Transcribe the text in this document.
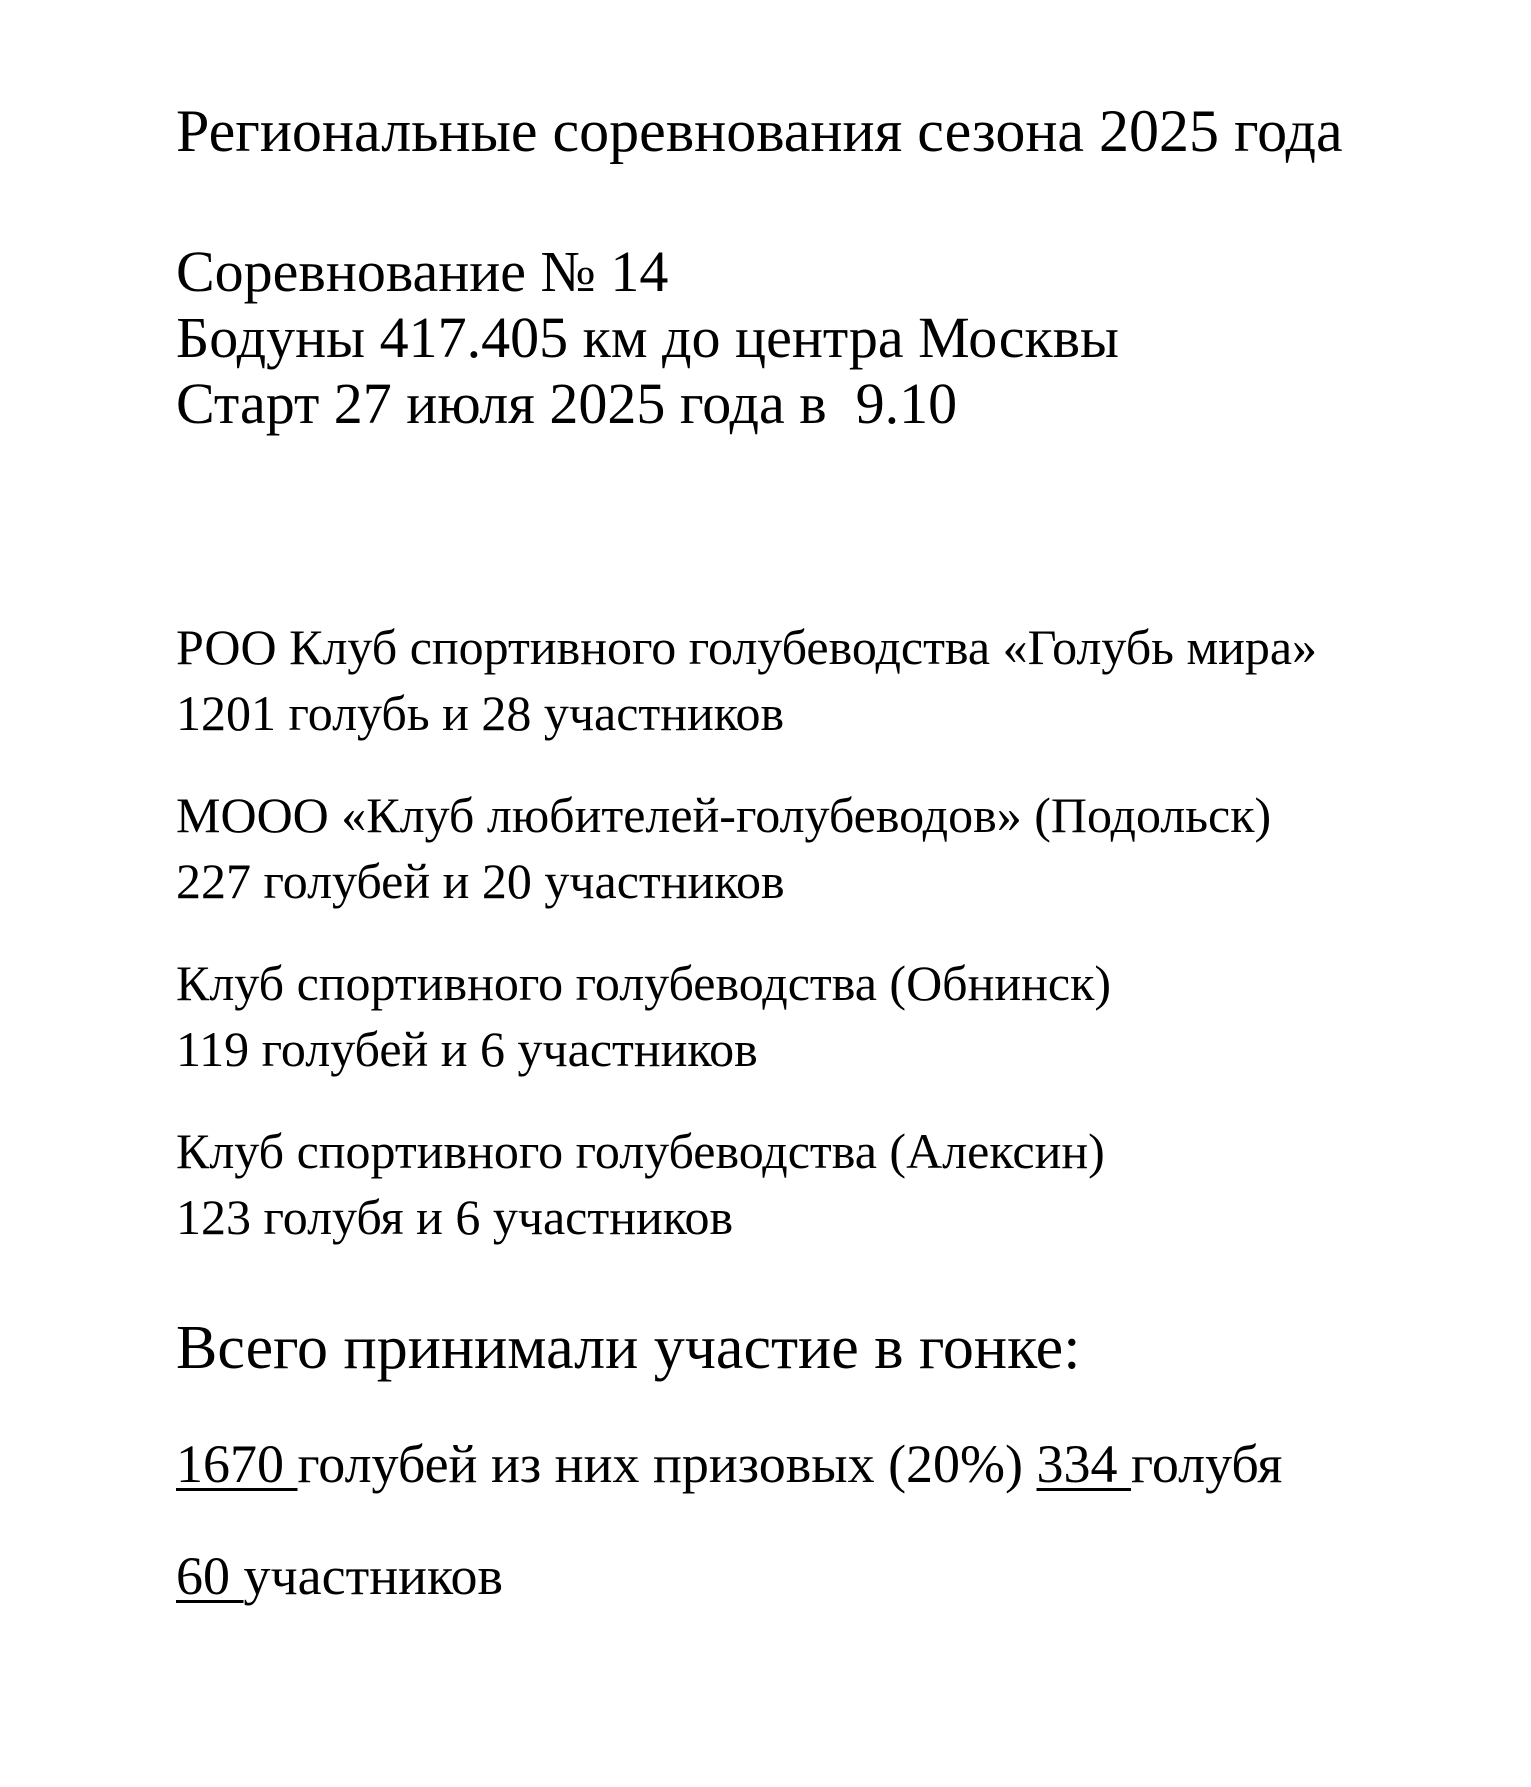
Региональные соревнования сезона 2025 года

Соревнование № 14

Бодуны 417.405 км до центра Москвы

Старт 27 июля 2025 года в  9.10

РОО Клуб спортивного голубеводства «Голубь мира»

1201 голубь и 28 участников

МООО «Клуб любителей-голубеводов» (Подольск)

227 голубей и 20 участников

Клуб спортивного голубеводства (Обнинск)

119 голубей и 6 участников

Клуб спортивного голубеводства (Алексин)

123 голубя и 6 участников

Всего принимали участие в гонке:

1670 голубей из них призовых (20%) 334 голубя

60 участников
